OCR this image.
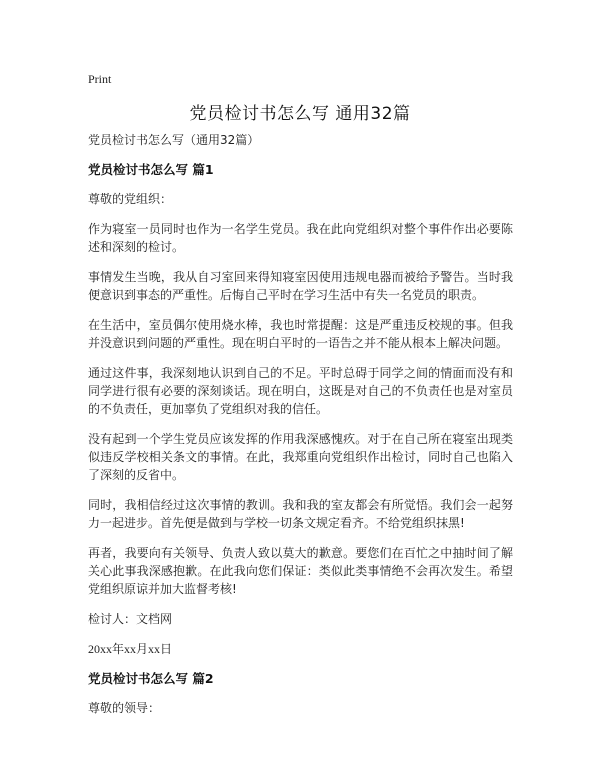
Print
党员检讨书怎么写 通用32篇

党员检讨书怎么写（通用32篇）

党员检讨书怎么写 篇1

尊敬的党组织：

作为寝室一员同时也作为一名学生党员。我在此向党组织对整个事件作出必要陈述和深刻的检讨。

事情发生当晚，我从自习室回来得知寝室因使用违规电器而被给予警告。当时我便意识到事态的严重性。后悔自己平时在学习生活中有失一名党员的职责。

在生活中，室员偶尔使用烧水棒，我也时常提醒：这是严重违反校规的事。但我并没意识到问题的严重性。现在明白平时的一语告之并不能从根本上解决问题。

通过这件事，我深刻地认识到自己的不足。平时总碍于同学之间的情面而没有和同学进行很有必要的深刻谈话。现在明白，这既是对自己的不负责任也是对室员的不负责任，更加辜负了党组织对我的信任。

没有起到一个学生党员应该发挥的作用我深感愧疚。对于在自己所在寝室出现类似违反学校相关条文的事情。在此，我郑重向党组织作出检讨，同时自己也陷入了深刻的反省中。

同时，我相信经过这次事情的教训。我和我的室友都会有所觉悟。我们会一起努力一起进步。首先便是做到与学校一切条文规定看齐。不给党组织抹黑!

再者，我要向有关领导、负责人致以莫大的歉意。要您们在百忙之中抽时间了解关心此事我深感抱歉。在此我向您们保证：类似此类事情绝不会再次发生。希望党组织原谅并加大监督考核!

检讨人：文档网

20xx年xx月xx日

党员检讨书怎么写 篇2

尊敬的领导：
